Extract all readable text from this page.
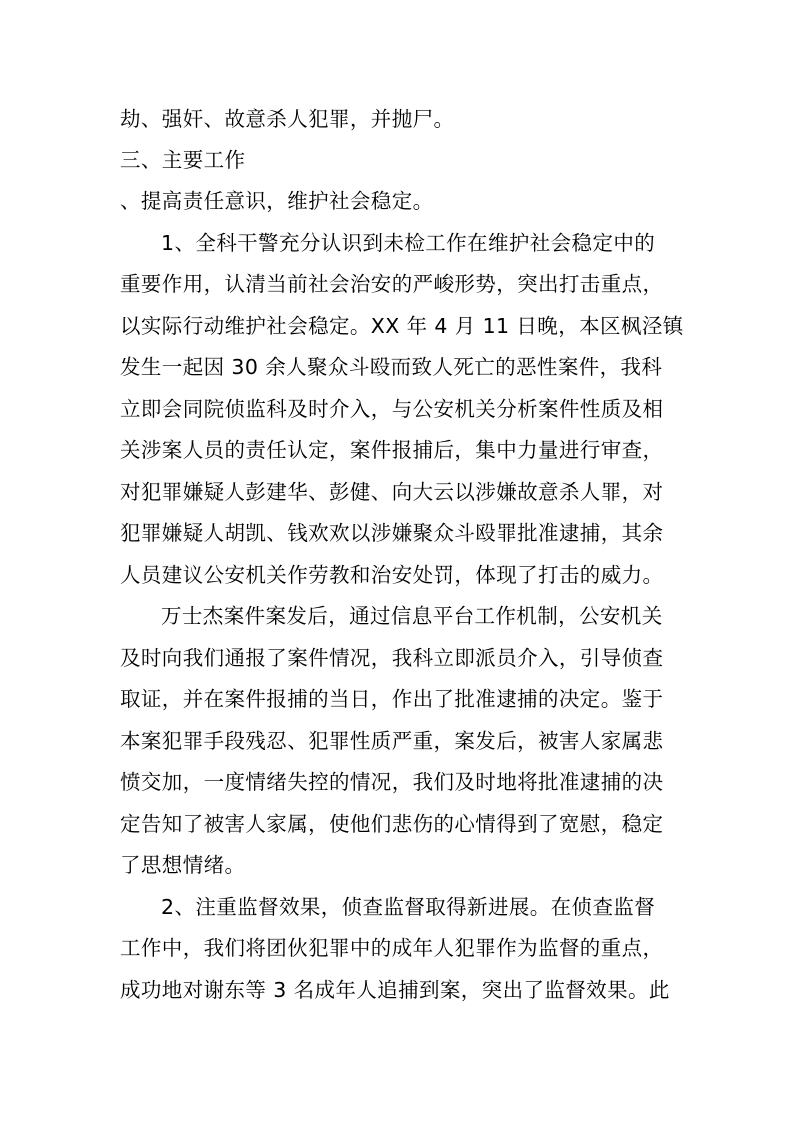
劫、强奸、故意杀人犯罪，并抛尸。
三、主要工作
、提高责任意识，维护社会稳定。
1、全科干警充分认识到未检工作在维护社会稳定中的
重要作用，认清当前社会治安的严峻形势，突出打击重点，
以实际行动维护社会稳定。XX 年 4 月 11 日晚，本区枫泾镇
发生一起因 30 余人聚众斗殴而致人死亡的恶性案件，我科
立即会同院侦监科及时介入，与公安机关分析案件性质及相
关涉案人员的责任认定，案件报捕后，集中力量进行审查，
对犯罪嫌疑人彭建华、彭健、向大云以涉嫌故意杀人罪，对
犯罪嫌疑人胡凯、钱欢欢以涉嫌聚众斗殴罪批准逮捕，其余
人员建议公安机关作劳教和治安处罚，体现了打击的威力。
万士杰案件案发后，通过信息平台工作机制，公安机关
及时向我们通报了案件情况，我科立即派员介入，引导侦查
取证，并在案件报捕的当日，作出了批准逮捕的决定。鉴于
本案犯罪手段残忍、犯罪性质严重，案发后，被害人家属悲
愤交加，一度情绪失控的情况，我们及时地将批准逮捕的决
定告知了被害人家属，使他们悲伤的心情得到了宽慰，稳定
了思想情绪。
2、注重监督效果，侦查监督取得新进展。在侦查监督
工作中，我们将团伙犯罪中的成年人犯罪作为监督的重点，
成功地对谢东等 3 名成年人追捕到案，突出了监督效果。此
